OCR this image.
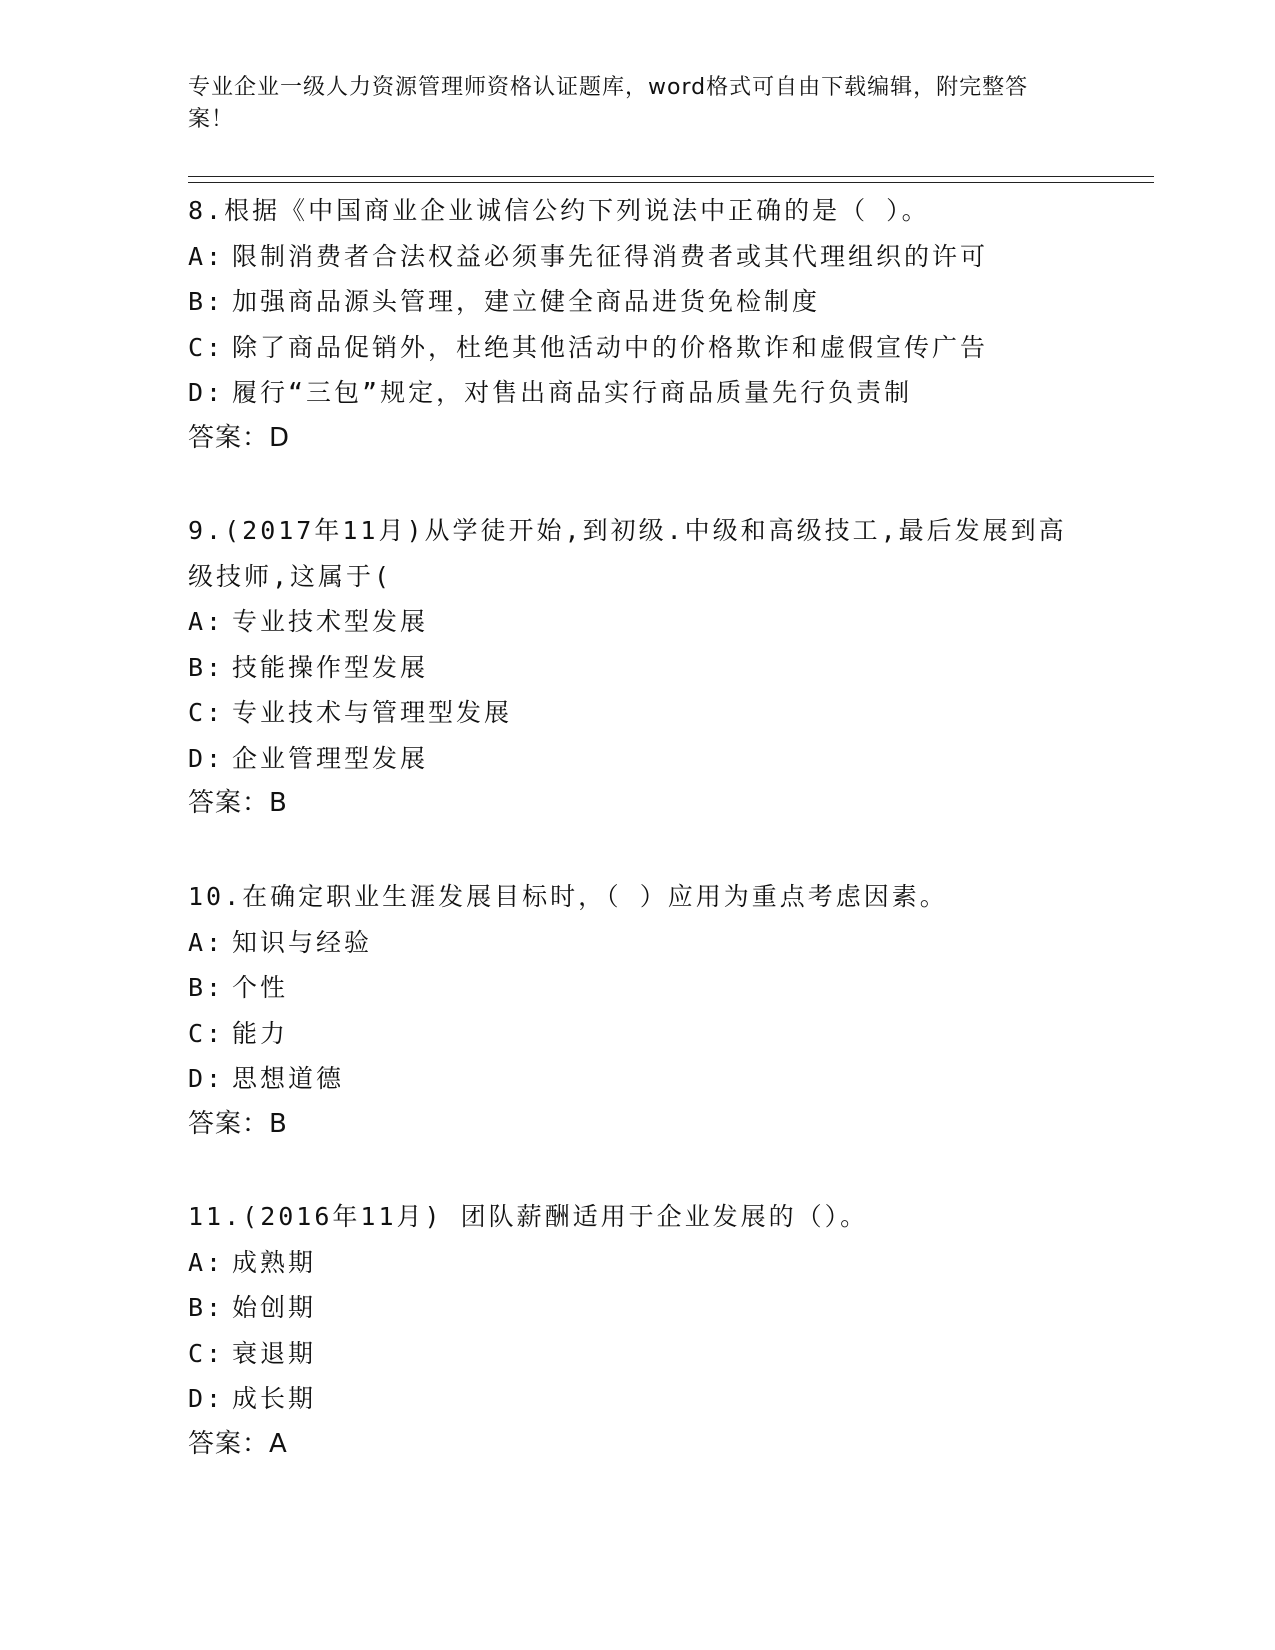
专业企业一级人力资源管理师资格认证题库，word格式可自由下载编辑，附完整答案！

8.根据《中国商业企业诚信公约下列说法中正确的是（ ）。

A: 限制消费者合法权益必须事先征得消费者或其代理组织的许可

B: 加强商品源头管理，建立健全商品进货免检制度

C: 除了商品促销外，杜绝其他活动中的价格欺诈和虚假宣传广告

D: 履行“三包”规定，对售出商品实行商品质量先行负责制

答案：D

9.(2017年11月)从学徒开始,到初级.中级和高级技工,最后发展到高级技师,这属于(

A: 专业技术型发展

B: 技能操作型发展

C: 专业技术与管理型发展

D: 企业管理型发展

答案：B

10.在确定职业生涯发展目标时，（ ）应用为重点考虑因素。

A: 知识与经验

B: 个性

C: 能力

D: 思想道德

答案：B

11.(2016年11月) 团队薪酬适用于企业发展的（）。

A: 成熟期

B: 始创期

C: 衰退期

D: 成长期

答案：A
